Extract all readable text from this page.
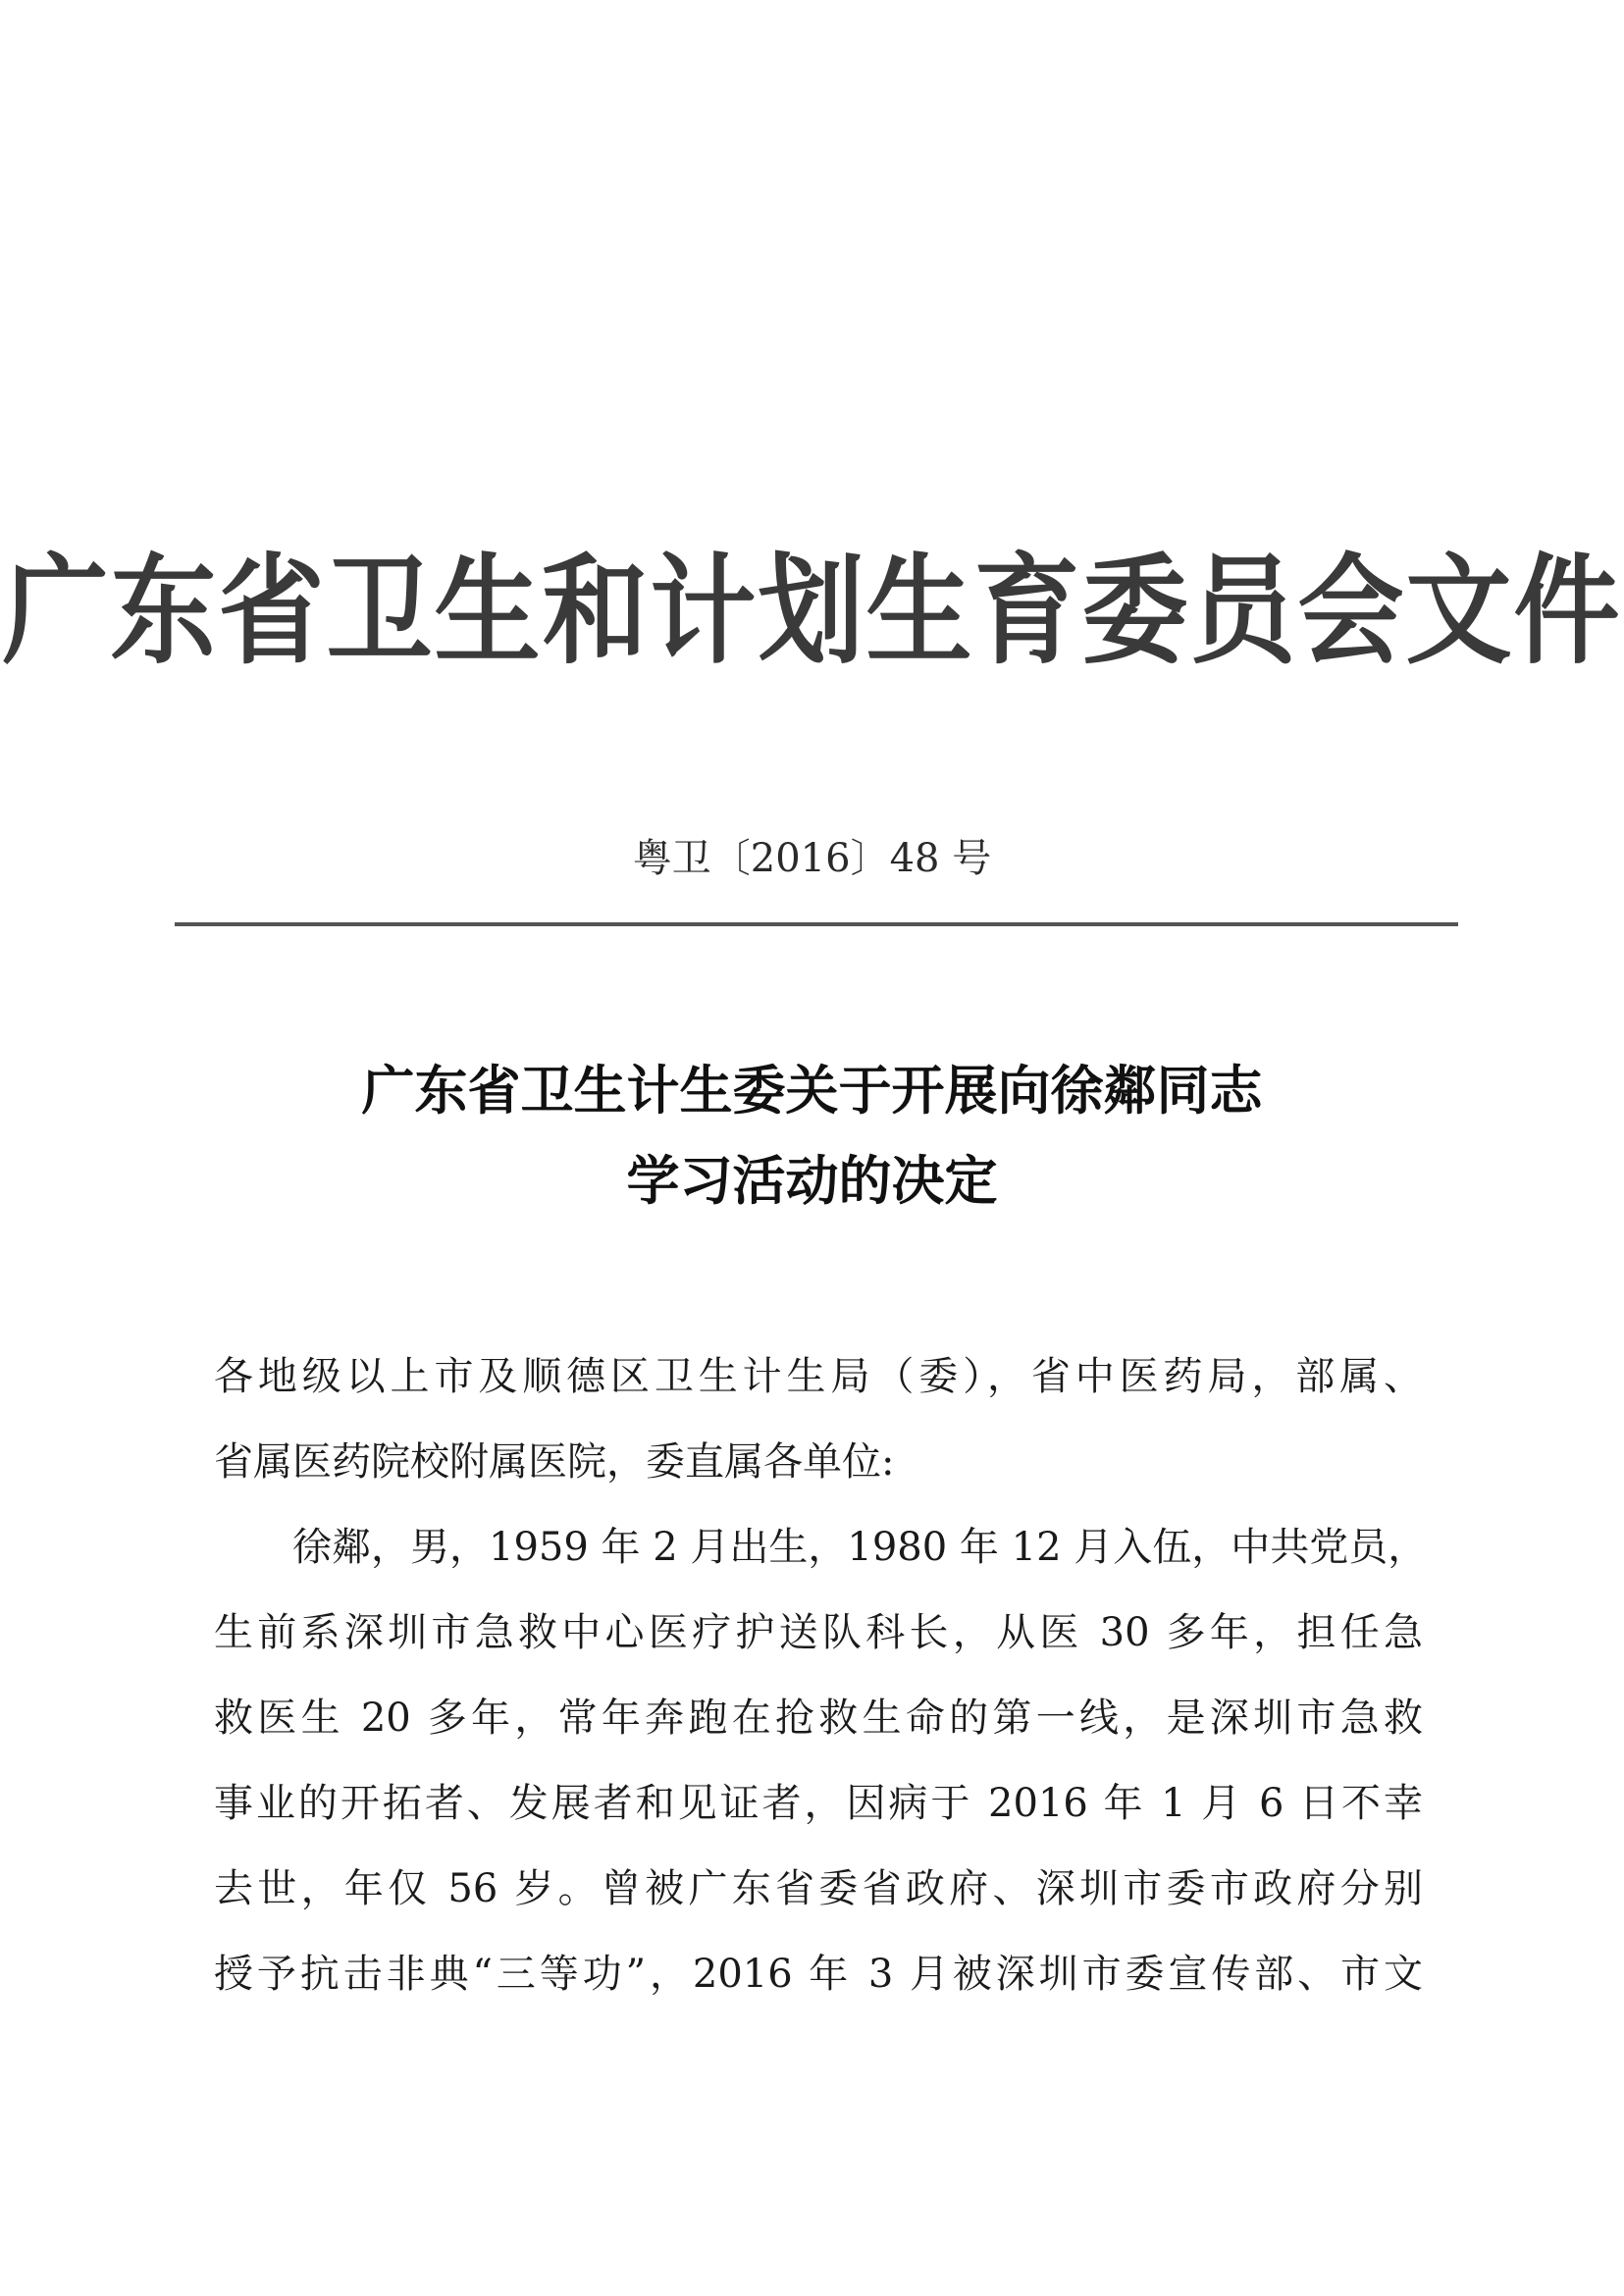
广东省卫生和计划生育委员会文件
粤卫〔2016〕48 号
广东省卫生计生委关于开展向徐鄰同志
学习活动的决定
各地级以上市及顺德区卫生计生局（委），省中医药局，部属、
省属医药院校附属医院，委直属各单位:
徐鄰，男，1959 年 2 月出生，1980 年 12 月入伍，中共党员，
生前系深圳市急救中心医疗护送队科长，从医 30 多年，担任急
救医生 20 多年，常年奔跑在抢救生命的第一线，是深圳市急救
事业的开拓者、发展者和见证者，因病于 2016 年 1 月 6 日不幸
去世，年仅 56 岁。曾被广东省委省政府、深圳市委市政府分别
授予抗击非典“三等功”，2016 年 3 月被深圳市委宣传部、市文
